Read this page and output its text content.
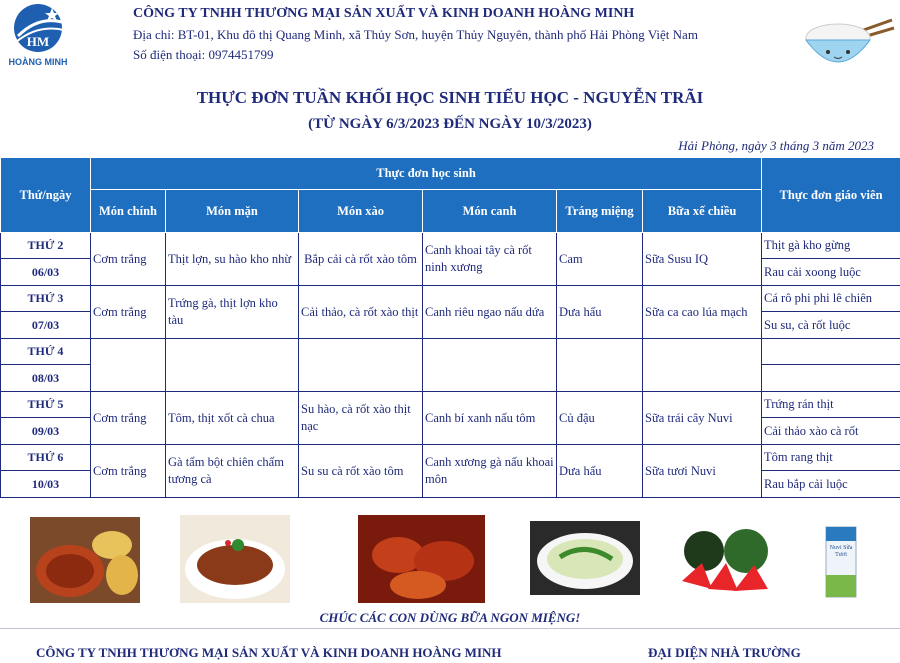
HM
HOÀNG MINH
CÔNG TY TNHH THƯƠNG MẠI SẢN XUẤT VÀ KINH DOANH HOÀNG MINH
Địa chỉ: BT-01, Khu đô thị Quang Minh, xã Thủy Sơn, huyện Thủy Nguyên, thành phố Hải Phòng Việt Nam
Số điện thoại: 0974451799
THỰC ĐƠN TUẦN KHỐI HỌC SINH TIỂU HỌC - NGUYỄN TRÃI
(TỪ NGÀY 6/3/2023 ĐẾN NGÀY 10/3/2023)
Hải Phòng, ngày 3 tháng 3 năm 2023
Thứ/ngày	Thực đơn học sinh						Thực đơn giáo viên
	Món chính	Món mặn	Món xào	Món canh	Tráng miệng	Bữa xế chiều	
THỨ 2	Cơm trắng	Thịt lợn, su hào kho nhừ	Bắp cải cà rốt xào tôm	Canh khoai tây cà rốt ninh xương	Cam	Sữa Susu IQ	Thịt gà kho gừng
06/03							Rau cải xoong luộc
THỨ 3	Cơm trắng	Trứng gà, thịt lợn kho tàu	Cải thảo, cà rốt xào thịt	Canh riêu ngao nấu dứa	Dưa hấu	Sữa ca cao lúa mạch	Cá rô phi phi lê chiên
07/03							Su su, cà rốt luộc
THỨ 4							
08/03							
THỨ 5	Cơm trắng	Tôm, thịt xốt cà chua	Su hào, cà rốt xào thịt nạc	Canh bí xanh nấu tôm	Củ đậu	Sữa trái cây Nuvi	Trứng rán thịt
09/03							Cải thảo xào cà rốt
THỨ 6	Cơm trắng	Gà tẩm bột chiên chấm tương cà	Su su cà rốt xào tôm	Canh xương gà nấu khoai môn	Dưa hấu	Sữa tươi Nuvi	Tôm rang thịt
10/03							Rau bắp cải luộc
Nuvi Sữa Tươi
CHÚC CÁC CON DÙNG BỮA NGON MIỆNG!
CÔNG TY TNHH THƯƠNG MẠI SẢN XUẤT VÀ KINH DOANH HOÀNG MINH	ĐẠI DIỆN NHÀ TRƯỜNG
